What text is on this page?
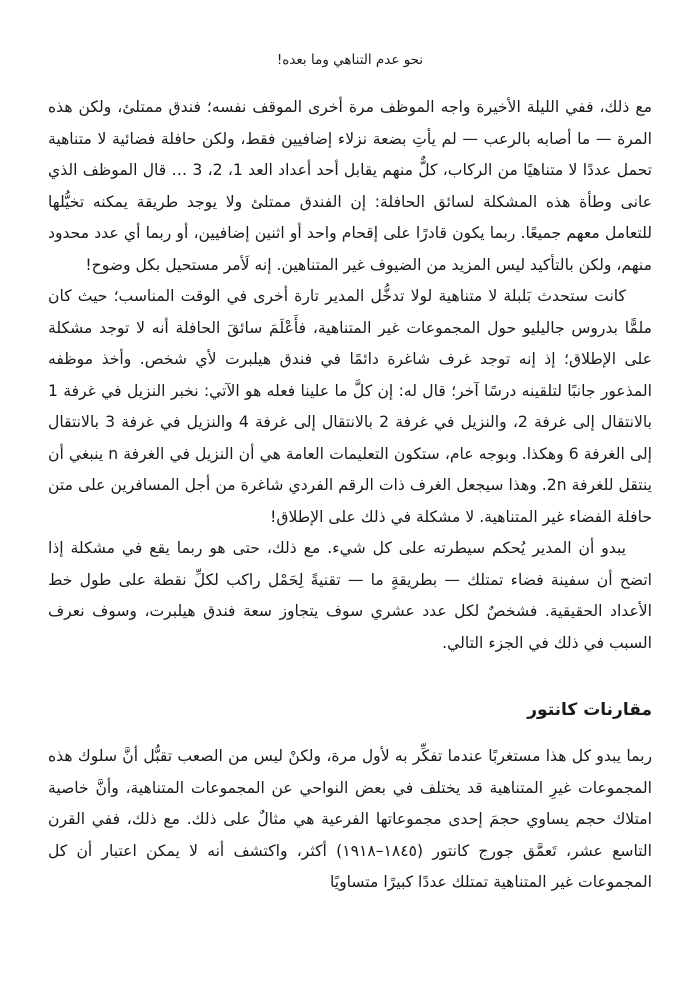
نحو عدم التناهي وما بعده!

مع ذلك، ففي الليلة الأخيرة واجه الموظف مرة أخرى الموقف نفسه؛ فندق ممتلئ، ولكن هذه المرة — ما أصابه بالرعب — لم يأتِ بضعة نزلاء إضافيين فقط، ولكن حافلة فضائية لا متناهية تحمل عددًا لا متناهيًا من الركاب، كلٌّ منهم يقابل أحد أعداد العد 1، 2، 3 … قال الموظف الذي عانى وطأة هذه المشكلة لسائق الحافلة: إن الفندق ممتلئ ولا يوجد طريقة يمكنه تخيُّلها للتعامل معهم جميعًا. ربما يكون قادرًا على إقحام واحد أو اثنين إضافيين، أو ربما أي عدد محدود منهم، ولكن بالتأكيد ليس المزيد من الضيوف غير المتناهين. إنه لَأمر مستحيل بكل وضوح!

كانت ستحدث بَلبلة لا متناهية لولا تدخُّل المدير تارة أخرى في الوقت المناسب؛ حيث كان ملمًّا بدروس جاليليو حول المجموعات غير المتناهية، فأَعْلَمَ سائقَ الحافلة أنه لا توجد مشكلة على الإطلاق؛ إذ إنه توجد غرف شاغرة دائمًا في فندق هيلبرت لأي شخص. وأخذ موظفه المذعور جانبًا لتلقينه درسًا آخر؛ قال له: إن كلَّ ما علينا فعله هو الآتي: نخبر النزيل في غرفة 1 بالانتقال إلى غرفة 2، والنزيل في غرفة 2 بالانتقال إلى غرفة 4 والنزيل في غرفة 3 بالانتقال إلى الغرفة 6 وهكذا. وبوجه عام، ستكون التعليمات العامة هي أن النزيل في الغرفة n ينبغي أن ينتقل للغرفة 2n. وهذا سيجعل الغرف ذات الرقم الفردي شاغرة من أجل المسافرين على متن حافلة الفضاء غير المتناهية. لا مشكلة في ذلك على الإطلاق!

يبدو أن المدير يُحكم سيطرته على كل شيء. مع ذلك، حتى هو ربما يقع في مشكلة إذا اتضح أن سفينة فضاء تمتلك — بطريقةٍ ما — تقنيةً لِحَمْل راكب لكلِّ نقطة على طول خط الأعداد الحقيقية. فشخصٌ لكل عدد عشري سوف يتجاوز سعة فندق هيلبرت، وسوف نعرف السبب في ذلك في الجزء التالي.

مقارنات كانتور

ربما يبدو كل هذا مستغربًا عندما تفكِّر به لأول مرة، ولكنْ ليس من الصعب تقبُّل أنَّ سلوك هذه المجموعات غيرِ المتناهية قد يختلف في بعض النواحي عن المجموعات المتناهية، وأنَّ خاصية امتلاك حجم يساوي حجمَ إحدى مجموعاتها الفرعية هي مثالٌ على ذلك. مع ذلك، ففي القرن التاسع عشر، تَعمَّق جورج كانتور (١٨٤٥–١٩١٨) أكثر، واكتشف أنه لا يمكن اعتبار أن كل المجموعات غير المتناهية تمتلك عددًا كبيرًا متساويًا
